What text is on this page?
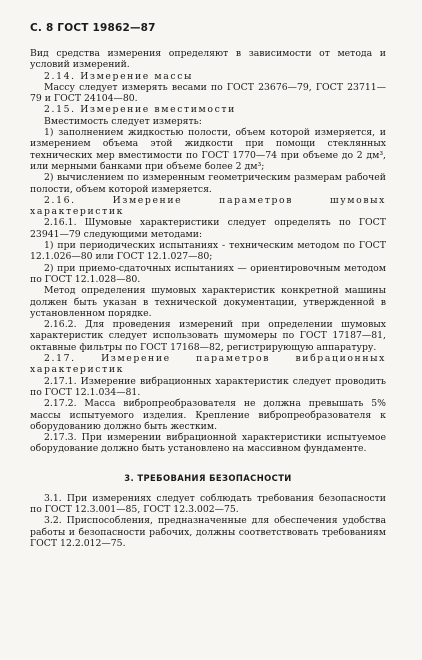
С. 8 ГОСТ 19862—87

Вид средства измерения определяют в зависимости от метода и условий измерений.

2.14. Измерение массы

Массу следует измерять весами по ГОСТ 23676—79, ГОСТ 23711—79 и ГОСТ 24104—80.

2.15. Измерение вместимости

Вместимость следует измерять:

1) заполнением жидкостью полости, объем которой измеряется, и измерением объема этой жидкости при помощи стеклянных технических мер вместимости по ГОСТ 1770—74 при объеме до 2 дм³, или мерными банками при объеме более 2 дм³;

2) вычислением по измеренным геометрическим размерам рабочей полости, объем которой измеряется.

2.16. Измерение параметров шумовых характеристик

2.16.1. Шумовые характеристики следует определять по ГОСТ 23941—79 следующими методами:

1) при периодических испытаниях - техническим методом по ГОСТ 12.1.026—80 или ГОСТ 12.1.027—80;

2) при приемо-сдаточных испытаниях — ориентировочным методом по ГОСТ 12.1.028—80.

Метод определения шумовых характеристик конкретной машины должен быть указан в технической документации, утвержденной в установленном порядке.

2.16.2. Для проведения измерений при определении шумовых характеристик следует использовать шумомеры по ГОСТ 17187—81, октавные фильтры по ГОСТ 17168—82, регистрирующую аппаратуру.

2.17. Измерение параметров вибрационных характеристик

2.17.1. Измерение вибрационных характеристик следует проводить по ГОСТ 12.1.034—81.

2.17.2. Масса вибропреобразователя не должна превышать 5% массы испытуемого изделия. Крепление вибропреобразователя к оборудованию должно быть жестким.

2.17.3. При измерении вибрационной характеристики испытуемое оборудование должно быть установлено на массивном фундаменте.

3. ТРЕБОВАНИЯ БЕЗОПАСНОСТИ

3.1. При измерениях следует соблюдать требования безопасности по ГОСТ 12.3.001—85, ГОСТ 12.3.002—75.

3.2. Приспособления, предназначенные для обеспечения удобства работы и безопасности рабочих, должны соответствовать требованиям ГОСТ 12.2.012—75.
